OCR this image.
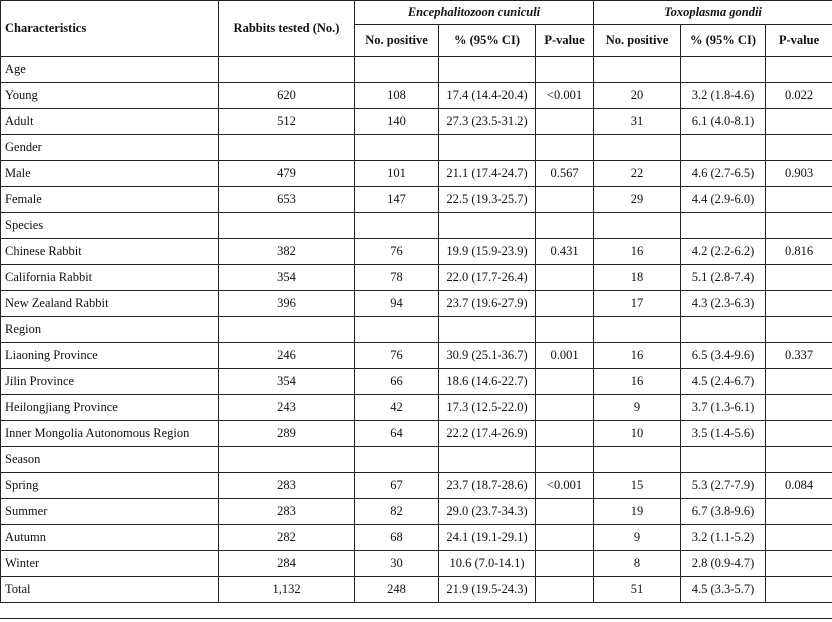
Characteristics	Rabbits tested (No.)	Encephalitozoon cuniculi			Toxoplasma gondii		
		No. positive	% (95% CI)	P-value	No. positive	% (95% CI)	P-value
Age							
Young	620	108	17.4 (14.4-20.4)	<0.001	20	3.2 (1.8-4.6)	0.022
Adult	512	140	27.3 (23.5-31.2)		31	6.1 (4.0-8.1)	
Gender							
Male	479	101	21.1 (17.4-24.7)	0.567	22	4.6 (2.7-6.5)	0.903
Female	653	147	22.5 (19.3-25.7)		29	4.4 (2.9-6.0)	
Species							
Chinese Rabbit	382	76	19.9 (15.9-23.9)	0.431	16	4.2 (2.2-6.2)	0.816
California Rabbit	354	78	22.0 (17.7-26.4)		18	5.1 (2.8-7.4)	
New Zealand Rabbit	396	94	23.7 (19.6-27.9)		17	4.3 (2.3-6.3)	
Region							
Liaoning Province	246	76	30.9 (25.1-36.7)	0.001	16	6.5 (3.4-9.6)	0.337
Jilin Province	354	66	18.6 (14.6-22.7)		16	4.5 (2.4-6.7)	
Heilongjiang Province	243	42	17.3 (12.5-22.0)		9	3.7 (1.3-6.1)	
Inner Mongolia Autonomous Region	289	64	22.2 (17.4-26.9)		10	3.5 (1.4-5.6)	
Season							
Spring	283	67	23.7 (18.7-28.6)	<0.001	15	5.3 (2.7-7.9)	0.084
Summer	283	82	29.0 (23.7-34.3)		19	6.7 (3.8-9.6)	
Autumn	282	68	24.1 (19.1-29.1)		9	3.2 (1.1-5.2)	
Winter	284	30	10.6 (7.0-14.1)		8	2.8 (0.9-4.7)	
Total	1,132	248	21.9 (19.5-24.3)		51	4.5 (3.3-5.7)	
